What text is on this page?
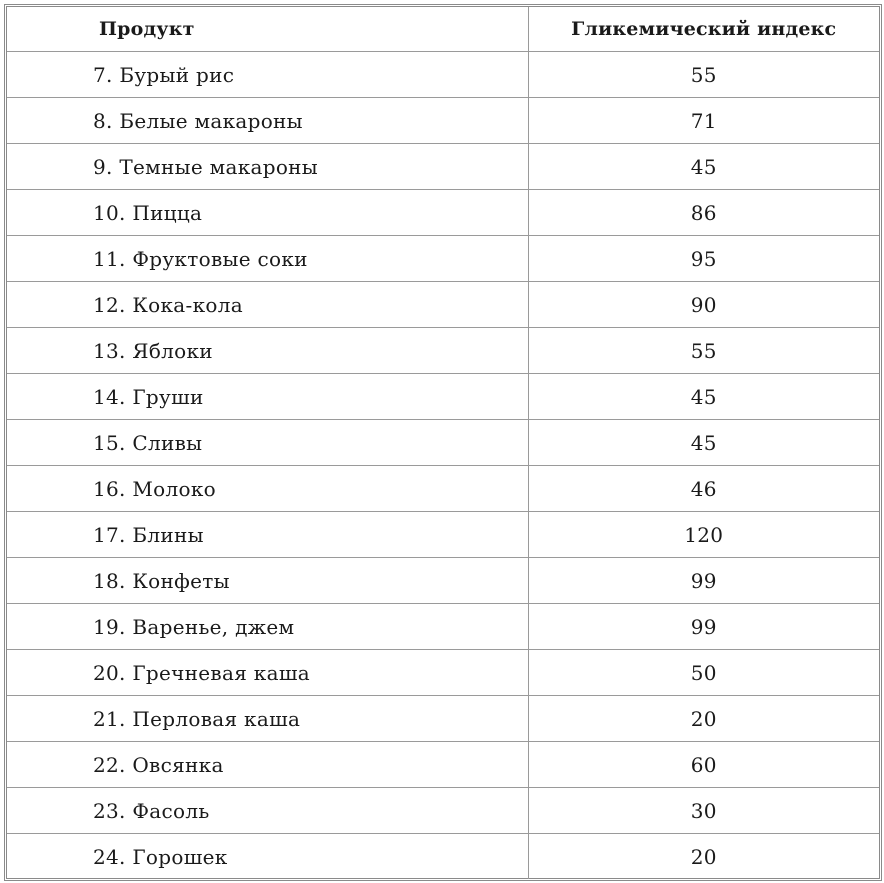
Продукт	Гликемический индекс
7. Бурый рис	55
8. Белые макароны	71
9. Темные макароны	45
10. Пицца	86
11. Фруктовые соки	95
12. Кока-кола	90
13. Яблоки	55
14. Груши	45
15. Сливы	45
16. Молоко	46
17. Блины	120
18. Конфеты	99
19. Варенье, джем	99
20. Гречневая каша	50
21. Перловая каша	20
22. Овсянка	60
23. Фасоль	30
24. Горошек	20
